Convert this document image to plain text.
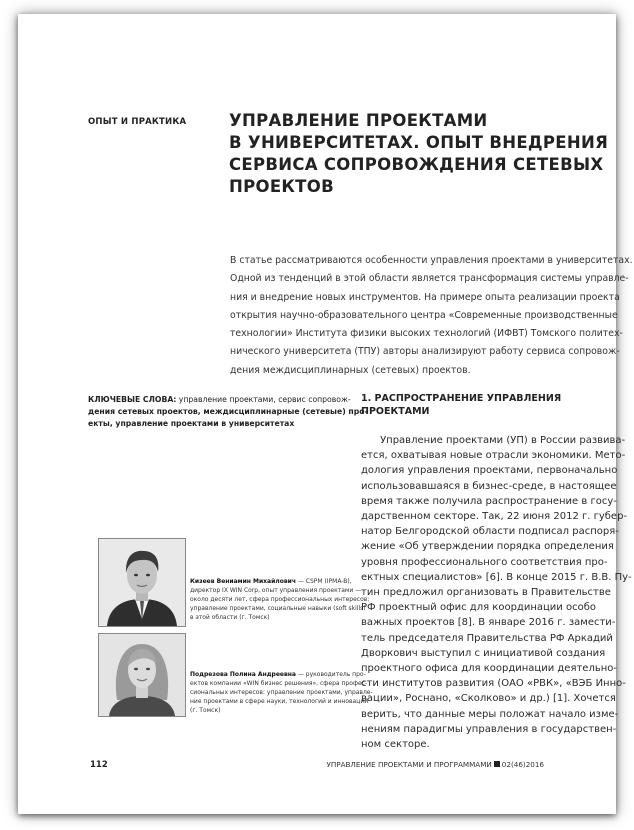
ОПЫТ И ПРАКТИКА	УПРАВЛЕНИЕ ПРОЕКТАМИ
В УНИВЕРСИТЕТАХ. ОПЫТ ВНЕДРЕНИЯ
СЕРВИСА СОПРОВОЖДЕНИЯ СЕТЕВЫХ
ПРОЕКТОВ
В статье рассматриваются особенности управления проектами в университетах.
Одной из тенденций в этой области является трансформация системы управле-
ния и внедрение новых инструментов. На примере опыта реализации проекта
открытия научно-образовательного центра «Современные производственные
технологии» Института физики высоких технологий (ИФВТ) Томского политех-
нического университета (ТПУ) авторы анализируют работу сервиса сопровож-
дения междисциплинарных (сетевых) проектов.
КЛЮЧЕВЫЕ СЛОВА: управление проектами, сервис сопровож-
дения сетевых проектов, междисциплинарные (сетевые) про-
екты, управление проектами в университетах
1. РАСПРОСТРАНЕНИЕ УПРАВЛЕНИЯ
ПРОЕКТАМИ
Управление проектами (УП) в России развива-
ется, охватывая новые отрасли экономики. Мето-
дология управления проектами, первоначально
использовавшаяся в бизнес-среде, в настоящее
время также получила распространение в госу-
дарственном секторе. Так, 22 июня 2012 г. губер-
натор Белгородской области подписал распоря-
жение «Об утверждении порядка определения
уровня профессионального соответствия про-
ектных специалистов» [6]. В конце 2015 г. В.В. Пу-
тин предложил организовать в Правительстве
РФ проектный офис для координации особо
важных проектов [8]. В январе 2016 г. замести-
тель председателя Правительства РФ Аркадий
Дворкович выступил с инициативой создания
проектного офиса для координации деятельно-
сти институтов развития (ОАО «РВК», «ВЭБ Инно-
вации», Роснано, «Сколково» и др.) [1]. Хочется
верить, что данные меры положат начало изме-
нениям парадигмы управления в государствен-
ном секторе.
Кизеев Вениамин Михайлович — CSPM (IPMA-B),
директор IX WIN Corp, опыт управления проектами —
около десяти лет, сфера профессиональных интересов:
управление проектами, социальные навыки (soft skills)
в этой области (г. Томск)
Подрезова Полина Андреевна — руководитель про-
ектов компании «WIN бизнес решения», сфера профес-
сиональных интересов: управление проектами, управле-
ние проектами в сфере науки, технологий и инноваций
(г. Томск)
112	УПРАВЛЕНИЕ ПРОЕКТАМИ И ПРОГРАММАМИ 02(46)2016
